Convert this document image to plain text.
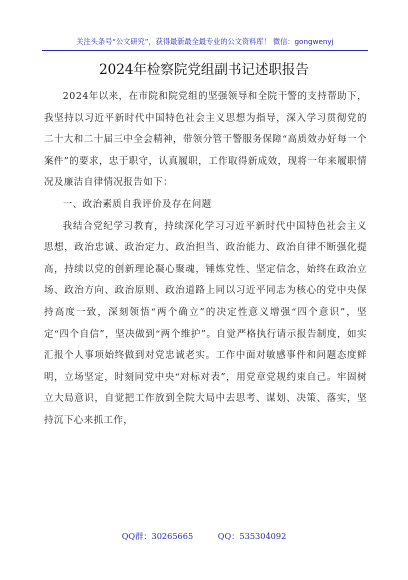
关注头条号“公文研究”，获得最新最全最专业的公文资料库！ 微信：gongwenyj
2024年检察院党组副书记述职报告

2024年以来，在市院和院党组的坚强领导和全院干警的支持帮助下，我坚持以习近平新时代中国特色社会主义思想为指导，深入学习贯彻党的二十大和二十届三中全会精神，带领分管干警服务保障“高质效办好每一个案件”的要求，忠于职守，认真履职，工作取得新成效，现将一年来履职情况及廉洁自律情况报告如下：

一、政治素质自我评价及存在问题

我结合党纪学习教育，持续深化学习习近平新时代中国特色社会主义思想，政治忠诚、政治定力、政治担当、政治能力、政治自律不断强化提高，持续以党的创新理论凝心聚魂，锤炼党性、坚定信念，始终在政治立场、政治方向、政治原则、政治道路上同以习近平同志为核心的党中央保持高度一致，深刻领悟“两个确立”的决定性意义增强“四个意识”，坚定“四个自信”，坚决做到“两个维护”。自觉严格执行请示报告制度，如实汇报个人事项始终做到对党忠诚老实。工作中面对敏感事件和问题态度鲜明，立场坚定，时刻同党中央“对标对表”，用党章党规约束自己。牢固树立大局意识，自觉把工作放到全院大局中去思考、谋划、决策、落实，坚持沉下心来抓工作，

QQ群：30265665	QQ：535304092
